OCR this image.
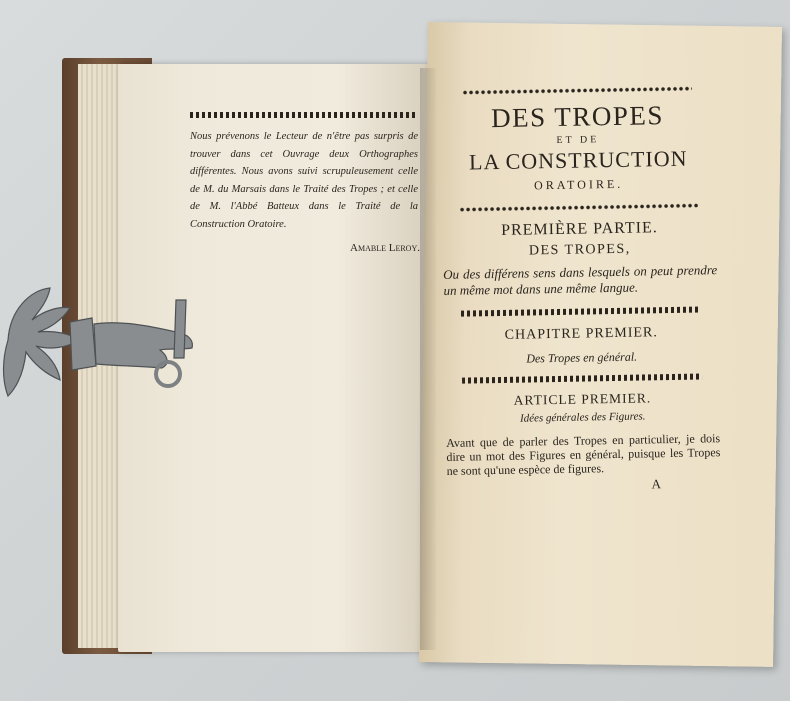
Nous prévenons le Lecteur de n'être pas surpris de trouver dans cet Ouvrage deux Orthographes différentes. Nous avons suivi scrupuleusement celle de M. du Marsais dans le Traité des Tropes ; et celle de M. l'Abbé Batteux dans le Traité de la Construction Oratoire.
Amable Leroy.
DES TROPES
ET DE
LA CONSTRUCTION
ORATOIRE.
PREMIÈRE PARTIE.
DES TROPES,
Ou des différens sens dans lesquels on peut prendre un même mot dans une même langue.
CHAPITRE PREMIER.
Des Tropes en général.
ARTICLE PREMIER.
Idées générales des Figures.
Avant que de parler des Tropes en particulier, je dois dire un mot des Figures en général, puisque les Tropes ne sont qu'une espèce de figures.
A
